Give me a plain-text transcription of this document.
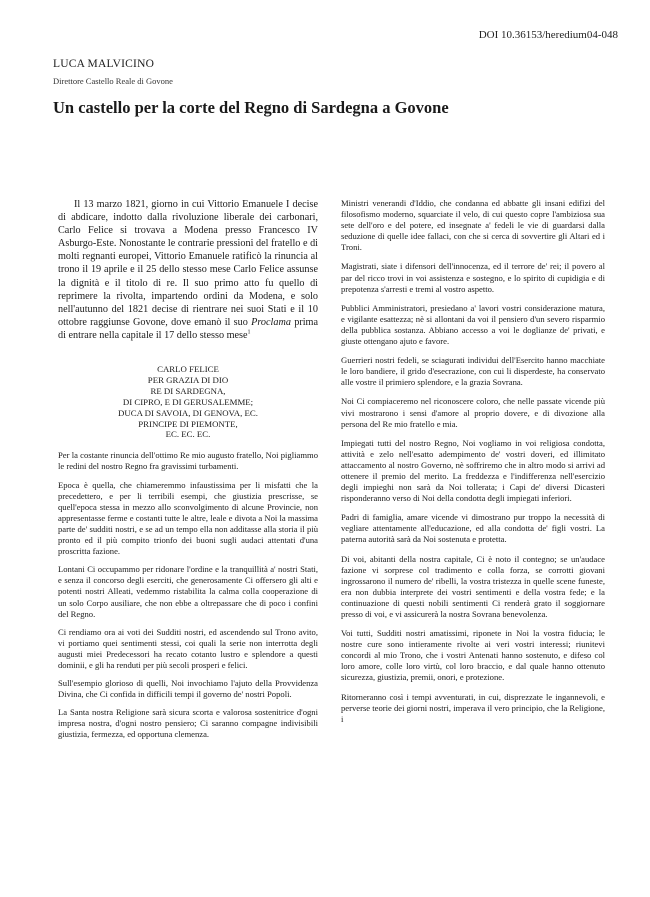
DOI 10.36153/heredium04-048
LUCA MALVICINO
Direttore Castello Reale di Govone
Un castello per la corte del Regno di Sardegna a Govone

Il 13 marzo 1821, giorno in cui Vittorio Emanuele I decise di abdicare, indotto dalla rivoluzione liberale dei carbonari, Carlo Felice si trovava a Modena presso Francesco IV Asburgo-Este. Nonostante le contrarie pressioni del fratello e di molti regnanti europei, Vittorio Emanuele ratificò la rinuncia al trono il 19 aprile e il 25 dello stesso mese Carlo Felice assunse la dignità e il titolo di re. Il suo primo atto fu quello di reprimere la rivolta, impartendo ordini da Modena, e solo nell'autunno del 1821 decise di rientrare nei suoi Stati e il 10 ottobre raggiunse Govone, dove emanò il suo Proclama prima di entrare nella capitale il 17 dello stesso mese$^1$

CARLO FELICE
PER GRAZIA DI DIO
RE DI SARDEGNA,
DI CIPRO, E DI GERUSALEMME;
DUCA DI SAVOIA, DI GENOVA, EC.
PRINCIPE DI PIEMONTE,
EC. EC. EC.

Per la costante rinuncia dell'ottimo Re mio augusto fratello, Noi pigliammo le redini del nostro Regno fra gravissimi turbamenti.

Epoca è quella, che chiameremmo infaustissima per li misfatti che la precedettero, e per li terribili esempi, che giustizia prescrisse, se quell'epoca stessa in mezzo allo sconvolgimento di alcune Provincie, non appresentasse ferme e costanti tutte le altre, leale e divota a Noi la massima parte de' sudditi nostri, e se ad un tempo ella non additasse alla storia il più pronto ed il più compito trionfo dei buoni sugli audaci attentati d'una proscritta fazione.

Lontani Ci occupammo per ridonare l'ordine e la tranquillità a' nostri Stati, e senza il concorso degli eserciti, che generosamente Ci offersero gli alti e potenti nostri Alleati, vedemmo ristabilita la calma colla cooperazione di un solo Corpo ausiliare, che non ebbe a oltrepassare che di poco i confini del Regno.

Ci rendiamo ora ai voti dei Sudditi nostri, ed ascendendo sul Trono avito, vi portiamo quei sentimenti stessi, coi quali la serie non interrotta degli augusti miei Predecessori ha recato cotanto lustro e splendore a questi dominii, e gli ha renduti per più secoli prosperi e felici.

Sull'esempio glorioso di quelli, Noi invochiamo l'ajuto della Provvidenza Divina, che Ci confida in difficili tempi il governo de' nostri Popoli.

La Santa nostra Religione sarà sicura scorta e valorosa sostenitrice d'ogni impresa nostra, d'ogni nostro pensiero; Ci saranno compagne indivisibili giustizia, fermezza, ed opportuna clemenza.

Ministri venerandi d'Iddio, che condanna ed abbatte gli insani edifizi del filosofismo moderno, squarciate il velo, di cui questo copre l'ambiziosa sua sete dell'oro e del potere, ed insegnate a' fedeli le vie di guardarsi dalla seduzione di quelle idee fallaci, con che si cerca di sovvertire gli Altari ed i Troni.

Magistrati, siate i difensori dell'innocenza, ed il terrore de' rei; il povero al par del ricco trovi in voi assistenza e sostegno, e lo spirito di cupidigia e di prepotenza s'arresti e tremi al vostro aspetto.

Pubblici Amministratori, presiedano a' lavori vostri considerazione matura, e vigilante esattezza; nè si allontani da voi il pensiero d'un severo risparmio della pubblica sostanza. Abbiano accesso a voi le doglianze de' privati, e giuste ottengano ajuto e favore.

Guerrieri nostri fedeli, se sciagurati individui dell'Esercito hanno macchiate le loro bandiere, il grido d'esecrazione, con cui li disperdeste, ha conservato alle vostre il primiero splendore, e la grazia Sovrana.

Noi Ci compiaceremo nel riconoscere coloro, che nelle passate vicende più vivi mostrarono i sensi d'amore al proprio dovere, e di divozione alla persona del Re mio fratello e mia.

Impiegati tutti del nostro Regno, Noi vogliamo in voi religiosa condotta, attività e zelo nell'esatto adempimento de' vostri doveri, ed illimitato attaccamento al nostro Governo, nè soffriremo che in altro modo si arrivi ad ottenere il premio del merito. La freddezza e l'indifferenza nell'esercizio degli impieghi non sarà da Noi tollerata; i Capi de' diversi Dicasteri risponderanno verso di Noi della condotta degli impiegati inferiori.

Padri di famiglia, amare vicende vi dimostrano pur troppo la necessità di vegliare attentamente all'educazione, ed alla condotta de' figli vostri. La paterna autorità sarà da Noi sostenuta e protetta.

Di voi, abitanti della nostra capitale, Ci è noto il contegno; se un'audace fazione vi sorprese col tradimento e colla forza, se corrotti giovani ingrossarono il numero de' ribelli, la vostra tristezza in quelle scene funeste, era non dubbia interprete dei vostri sentimenti e della vostra fede; e la continuazione di questi nobili sentimenti Ci renderà grato il soggiornare presso di voi, e vi assicurerà la nostra Sovrana benevolenza.

Voi tutti, Sudditi nostri amatissimi, riponete in Noi la vostra fiducia; le nostre cure sono intieramente rivolte ai veri vostri interessi; riunitevi concordi al mio Trono, che i vostri Antenati hanno sostenuto, e difeso col loro amore, colle loro virtù, col loro braccio, e dal quale hanno ottenuto sicurezza, giustizia, premii, onori, e protezione.

Ritorneranno così i tempi avventurati, in cui, disprezzate le ingannevoli, e perverse teorie dei giorni nostri, imperava il vero principio, che la Religione, i
